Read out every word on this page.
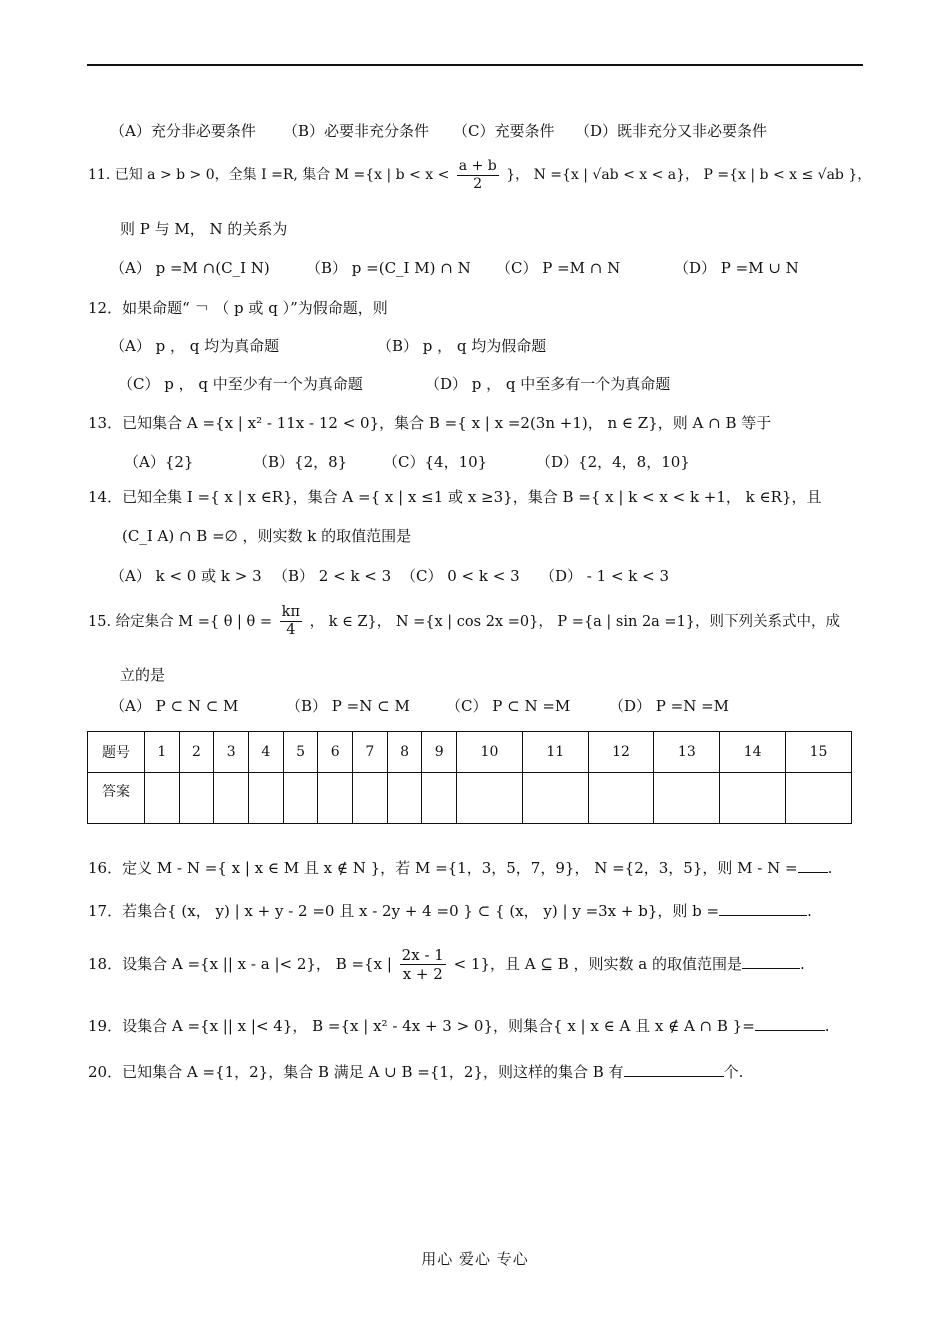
（A）充分非必要条件 （B）必要非充分条件 （C）充要条件 （D）既非充分又非必要条件
11. 已知 a > b > 0，全集 I =R, 集合 M ={x | $b < x < \frac{a + b}{2}$ }， N ={x | √ab < x < a}， P ={x | b < x ≤ √ab }，
则 P 与 M， N 的关系为
（A） p =M ∩(C_I N) （B） p =(C_I M) ∩ N （C） P =M ∩ N	（D） P =M ∪ N
12．如果命题“ ￢ （ p 或 q ）”为假命题，则
（A） p ， q 均为真命题	（B） p ， q 均为假命题
（C） p ， q 中至少有一个为真命题	（D） p ， q 中至多有一个为真命题
13．已知集合 A ={x | x² - 11x - 12 < 0}，集合 B ={ x | x =2(3n +1)， n ∈ Z}，则 A ∩ B 等于
（A）{2}	（B）{2，8} （C）{4，10}	（D）{2，4，8，10}
14．已知全集 I ={ x | x ∈R}，集合 A ={ x | x ≤1 或 x ≥3}，集合 B ={ x | k < x < k +1， k ∈R}，且
(C_I A) ∩ B =∅ ，则实数 k 的取值范围是
（A） k < 0 或 k > 3 （B） 2 < k < 3 （C） 0 < k < 3 （D） - 1 < k < 3
15. 给定集合 M ={ θ | $\theta = \frac{k\pi}{4}$ ， k ∈ Z}， N ={x | cos 2x =0}， P ={a | sin 2a =1}，则下列关系式中，成
立的是
（A） P ⊂ N ⊂ M	（B） P =N ⊂ M （C） P ⊂ N =M	（D） P =N =M
题号	1	2	3	4	5	6	7	8	9	10	11	12	13	14	15
答案															
16．定义 M - N ={ x | x ∈ M 且 x ∉ N }，若 M ={1，3，5，7，9}， N ={2，3，5}，则 M - N = .
17．若集合{ (x， y) | x + y - 2 =0 且 x - 2y + 4 =0 } ⊂ { (x， y) | y =3x + b}，则 b =	.
18．设集合 A ={x || x - a |< 2}， B ={x | $\frac{2x - 1}{x + 2} < 1$}，且 A ⊆ B ，则实数 a 的取值范围是	.
19．设集合 A ={x || x |< 4}， B ={x | x² - 4x + 3 > 0}，则集合{ x | x ∈ A 且 x ∉ A ∩ B }=	.
20．已知集合 A ={1，2}，集合 B 满足 A ∪ B ={1，2}，则这样的集合 B 有	个.
用心 爱心 专心
